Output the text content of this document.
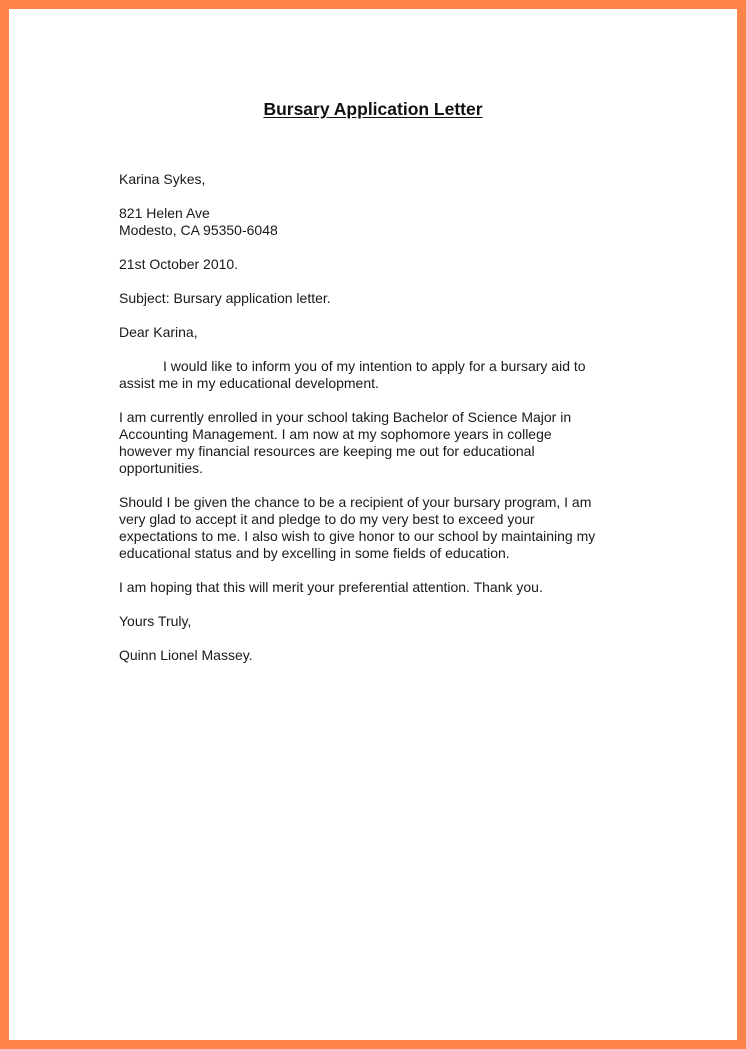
Bursary Application Letter
Karina Sykes,
821 Helen Ave
Modesto, CA 95350-6048
21st October 2010.
Subject: Bursary application letter.
Dear Karina,
I would like to inform you of my intention to apply for a bursary aid to
assist me in my educational development.
I am currently enrolled in your school taking Bachelor of Science Major in
Accounting Management. I am now at my sophomore years in college
however my financial resources are keeping me out for educational
opportunities.
Should I be given the chance to be a recipient of your bursary program, I am
very glad to accept it and pledge to do my very best to exceed your
expectations to me. I also wish to give honor to our school by maintaining my
educational status and by excelling in some fields of education.
I am hoping that this will merit your preferential attention. Thank you.
Yours Truly,
Quinn Lionel Massey.
